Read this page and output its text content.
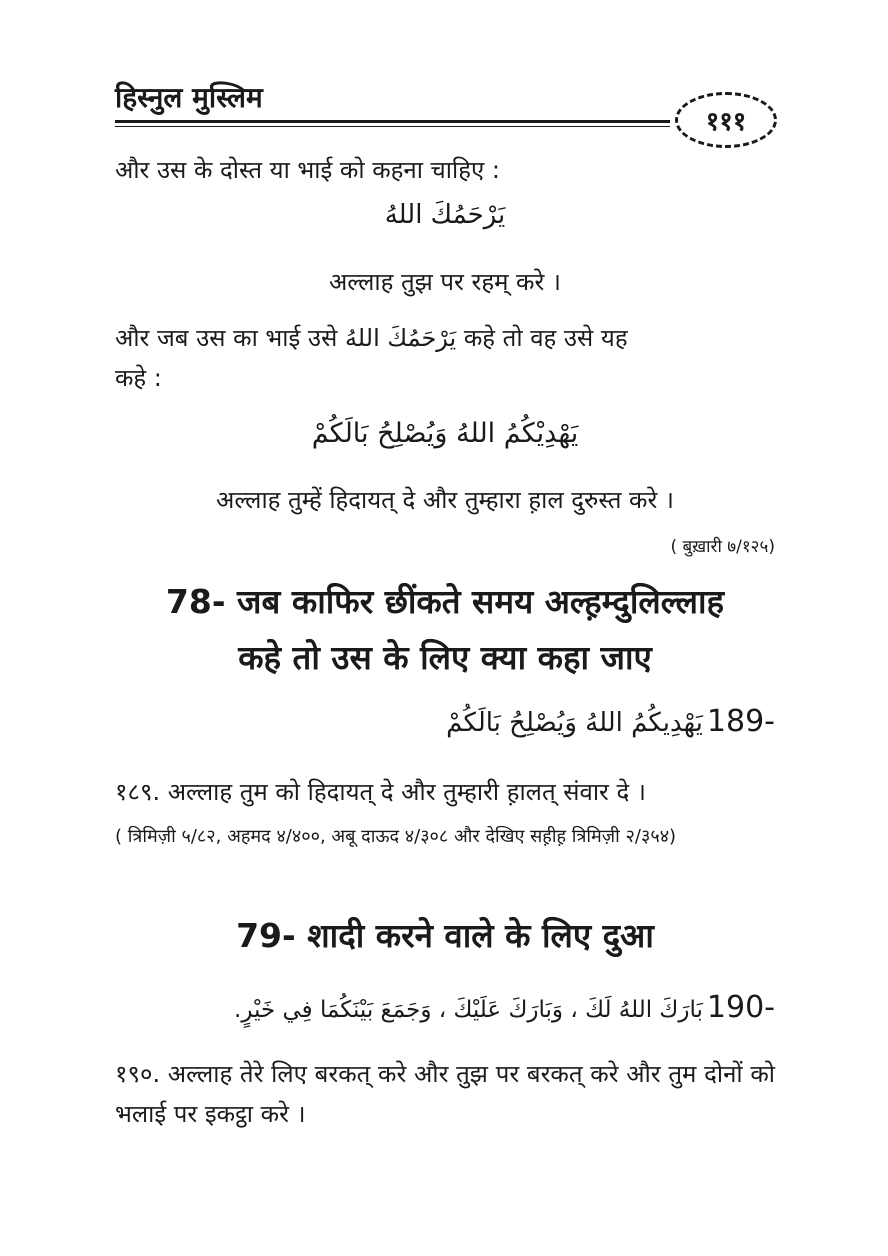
हिस्नुल मुस्लिम
१११
और उस के दोस्त या भाई को कहना चाहिए :
يَرْحَمُكَ اللهُ
अल्लाह तुझ पर रहम् करे ।
और जब उस का भाई उसे يَرْحَمُكَ اللهُ कहे तो वह उसे यह
कहे :
يَهْدِيْكُمُ اللهُ وَيُصْلِحُ بَالَكُمْ
अल्लाह तुम्हें हिदायत् दे और तुम्हारा ह़ाल दुरुस्त करे ।
( बुख़ारी ७/१२५)
78- जब काफिर छींकते समय अल्ह़म्दुलिल्लाह
कहे तो उस के लिए क्या कहा जाए
يَهْدِيكُمُ اللهُ وَيُصْلِحُ بَالَكُمْ 189-
१८९. अल्लाह तुम को हिदायत् दे और तुम्हारी ह़ालत् संवार दे ।
( त्रिमिज़ी ५/८२, अहमद ४/४००, अबू दाऊद ४/३०८ और देखिए सह़ीह़ त्रिमिज़ी २/३५४)
79- शादी करने वाले के लिए दुआ
بَارَكَ اللهُ لَكَ ، وَبَارَكَ عَلَيْكَ ، وَجَمَعَ بَيْنَكُمَا فِي خَيْرٍ. 190-
१९०. अल्लाह तेरे लिए बरकत् करे और तुझ पर बरकत् करे और तुम दोनों को भलाई पर इकट्ठा करे ।
